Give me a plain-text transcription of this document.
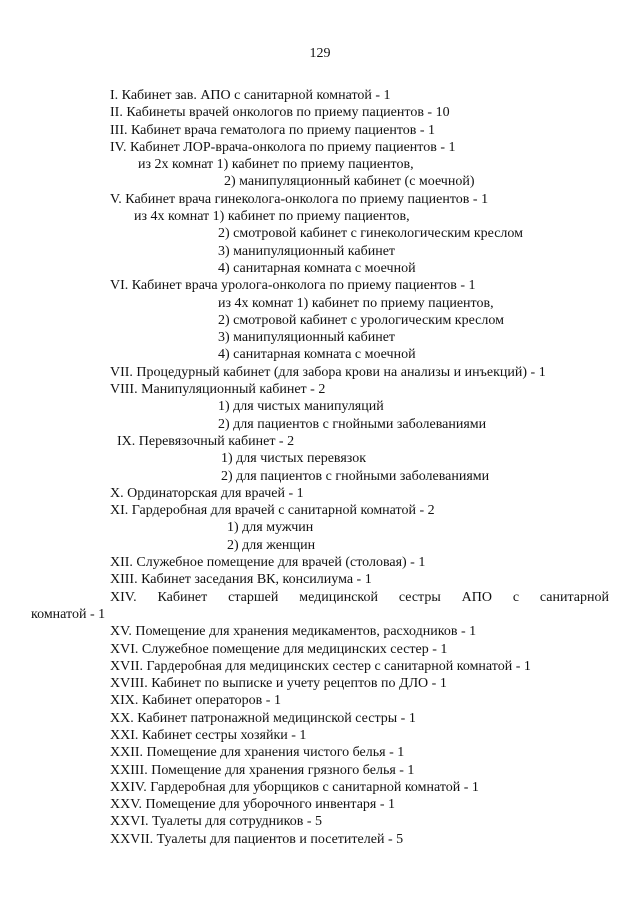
129
I. Кабинет зав. АПО с санитарной комнатой - 1
II. Кабинеты врачей онкологов по приему пациентов - 10
III. Кабинет врача гематолога по приему пациентов - 1
IV. Кабинет ЛОР-врача-онколога по приему пациентов - 1
из 2х комнат 1) кабинет по приему пациентов,
2) манипуляционный кабинет (с моечной)
V. Кабинет врача гинеколога-онколога по приему пациентов - 1
из 4х комнат 1) кабинет по приему пациентов,
2) смотровой кабинет с гинекологическим креслом
3) манипуляционный кабинет
4) санитарная комната с моечной
VI. Кабинет врача уролога-онколога по приему пациентов - 1
из 4х комнат 1) кабинет по приему пациентов,
2) смотровой кабинет с урологическим креслом
3) манипуляционный кабинет
4) санитарная комната с моечной
VII. Процедурный кабинет (для забора крови на анализы и инъекций) - 1
VIII. Манипуляционный кабинет - 2
1) для чистых манипуляций
2) для пациентов с гнойными заболеваниями
IX. Перевязочный кабинет - 2
1) для чистых перевязок
2) для пациентов с гнойными заболеваниями
X. Ординаторская для врачей - 1
XI. Гардеробная для врачей с санитарной комнатой - 2
1) для мужчин
2) для женщин
XII. Служебное помещение для врачей (столовая) - 1
XIII. Кабинет заседания ВК, консилиума - 1
XIV. Кабинет старшей медицинской сестры АПО с санитарной
комнатой - 1
XV. Помещение для хранения медикаментов, расходников - 1
XVI. Служебное помещение для медицинских сестер - 1
XVII. Гардеробная для медицинских сестер с санитарной комнатой - 1
XVIII. Кабинет по выписке и учету рецептов по ДЛО - 1
XIX. Кабинет операторов - 1
XX. Кабинет патронажной медицинской сестры - 1
XXI. Кабинет сестры хозяйки - 1
XXII. Помещение для хранения чистого белья - 1
XXIII. Помещение для хранения грязного белья - 1
XXIV. Гардеробная для уборщиков с санитарной комнатой - 1
XXV. Помещение для уборочного инвентаря - 1
XXVI. Туалеты для сотрудников - 5
XXVII. Туалеты для пациентов и посетителей - 5
